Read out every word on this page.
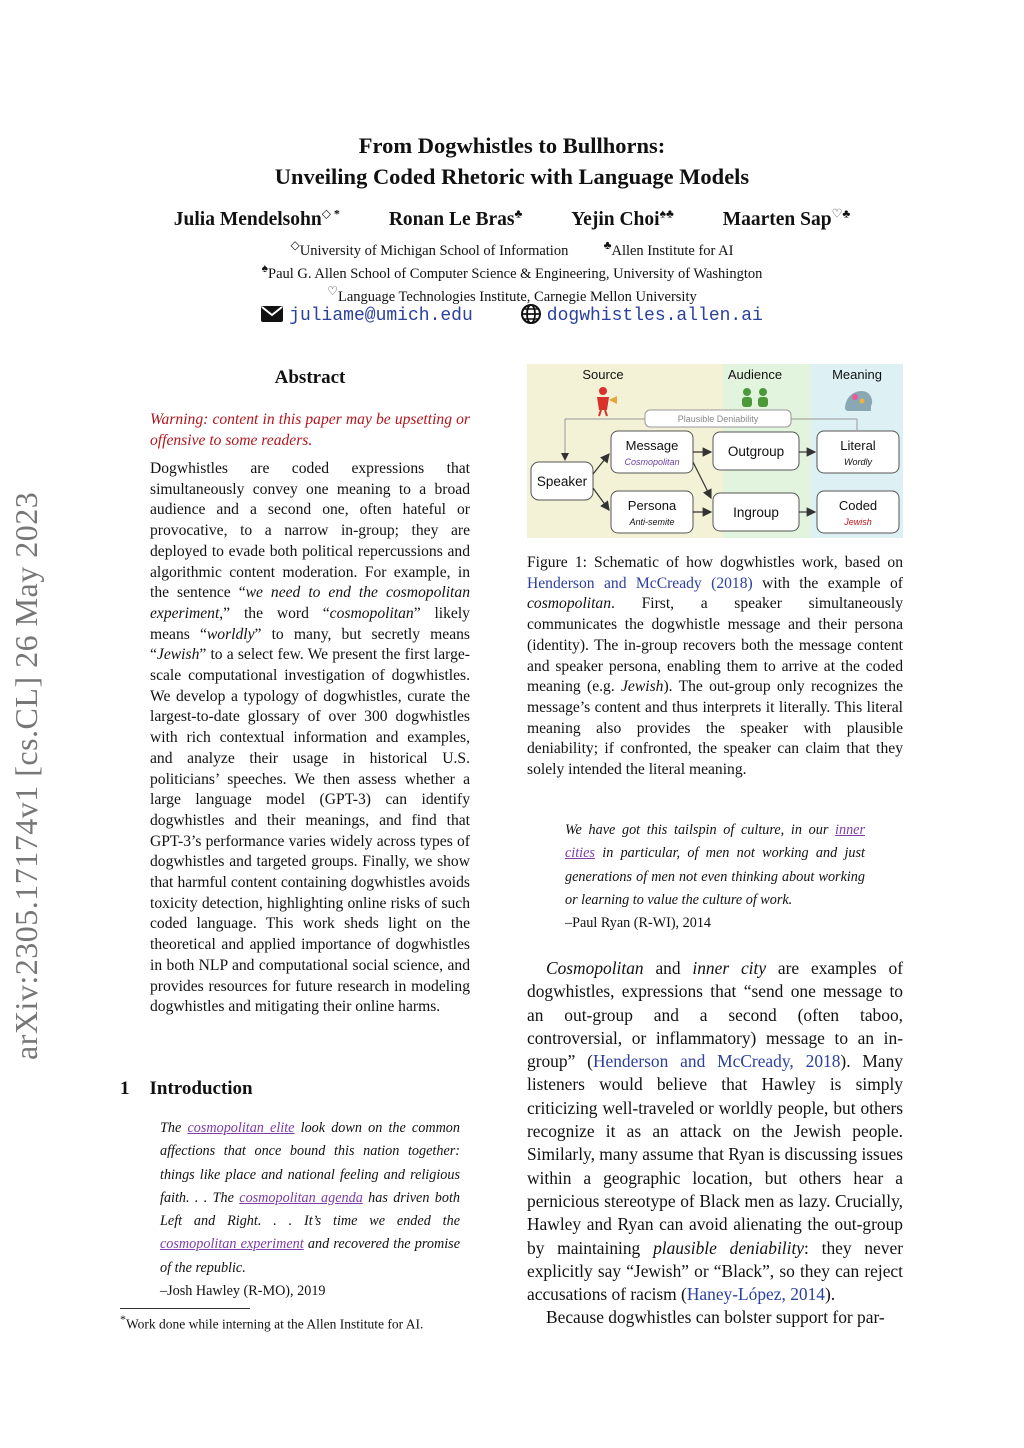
From Dogwhistles to Bullhorns:
Unveiling Coded Rhetoric with Language Models
Julia Mendelsohn◇ *	Ronan Le Bras♣	Yejin Choi♠♣	Maarten Sap♡♣
◇University of Michigan School of Information	♣Allen Institute for AI
♠Paul G. Allen School of Computer Science & Engineering, University of Washington
♡Language Technologies Institute, Carnegie Mellon University
juliame@umich.edu	dogwhistles.allen.ai
arXiv:2305.17174v1 [cs.CL] 26 May 2023
Abstract
Warning: content in this paper may be upsetting or offensive to some readers.
Dogwhistles are coded expressions that simultaneously convey one meaning to a broad audience and a second one, often hateful or provocative, to a narrow in-group; they are deployed to evade both political repercussions and algorithmic content moderation. For example, in the sentence “we need to end the cosmopolitan experiment,” the word “cosmopolitan” likely means “worldly” to many, but secretly means “Jewish” to a select few. We present the first large-scale computational investigation of dogwhistles. We develop a typology of dogwhistles, curate the largest-to-date glossary of over 300 dogwhistles with rich contextual information and examples, and analyze their usage in historical U.S. politicians’ speeches. We then assess whether a large language model (GPT-3) can identify dogwhistles and their meanings, and find that GPT-3’s performance varies widely across types of dogwhistles and targeted groups. Finally, we show that harmful content containing dogwhistles avoids toxicity detection, highlighting online risks of such coded language. This work sheds light on the theoretical and applied importance of dogwhistles in both NLP and computational social science, and provides resources for future research in modeling dogwhistles and mitigating their online harms.
1 Introduction
The cosmopolitan elite look down on the common affections that once bound this nation together: things like place and national feeling and religious faith. . . The cosmopolitan agenda has driven both Left and Right. . . It’s time we ended the cosmopolitan experiment and recovered the promise of the republic.
–Josh Hawley (R-MO), 2019
*Work done while interning at the Allen Institute for AI.
Source	Audience	Meaning
Plausible Deniability
Speaker
Message
Cosmopolitan
Persona
Anti-semite
Outgroup
Ingroup
Literal
Wordly
Coded
Jewish
Figure 1: Schematic of how dogwhistles work, based on Henderson and McCready (2018) with the example of cosmopolitan. First, a speaker simultaneously communicates the dogwhistle message and their persona (identity). The in-group recovers both the message content and speaker persona, enabling them to arrive at the coded meaning (e.g. Jewish). The out-group only recognizes the message’s content and thus interprets it literally. This literal meaning also provides the speaker with plausible deniability; if confronted, the speaker can claim that they solely intended the literal meaning.
We have got this tailspin of culture, in our inner cities in particular, of men not working and just generations of men not even thinking about working or learning to value the culture of work.
–Paul Ryan (R-WI), 2014
Cosmopolitan and inner city are examples of dogwhistles, expressions that “send one message to an out-group and a second (often taboo, controversial, or inflammatory) message to an in-group” (Henderson and McCready, 2018). Many listeners would believe that Hawley is simply criticizing well-traveled or worldly people, but others recognize it as an attack on the Jewish people. Similarly, many assume that Ryan is discussing issues within a geographic location, but others hear a pernicious stereotype of Black men as lazy. Crucially, Hawley and Ryan can avoid alienating the out-group by maintaining plausible deniability: they never explicitly say “Jewish” or “Black”, so they can reject accusations of racism (Haney-López, 2014).
Because dogwhistles can bolster support for par-
